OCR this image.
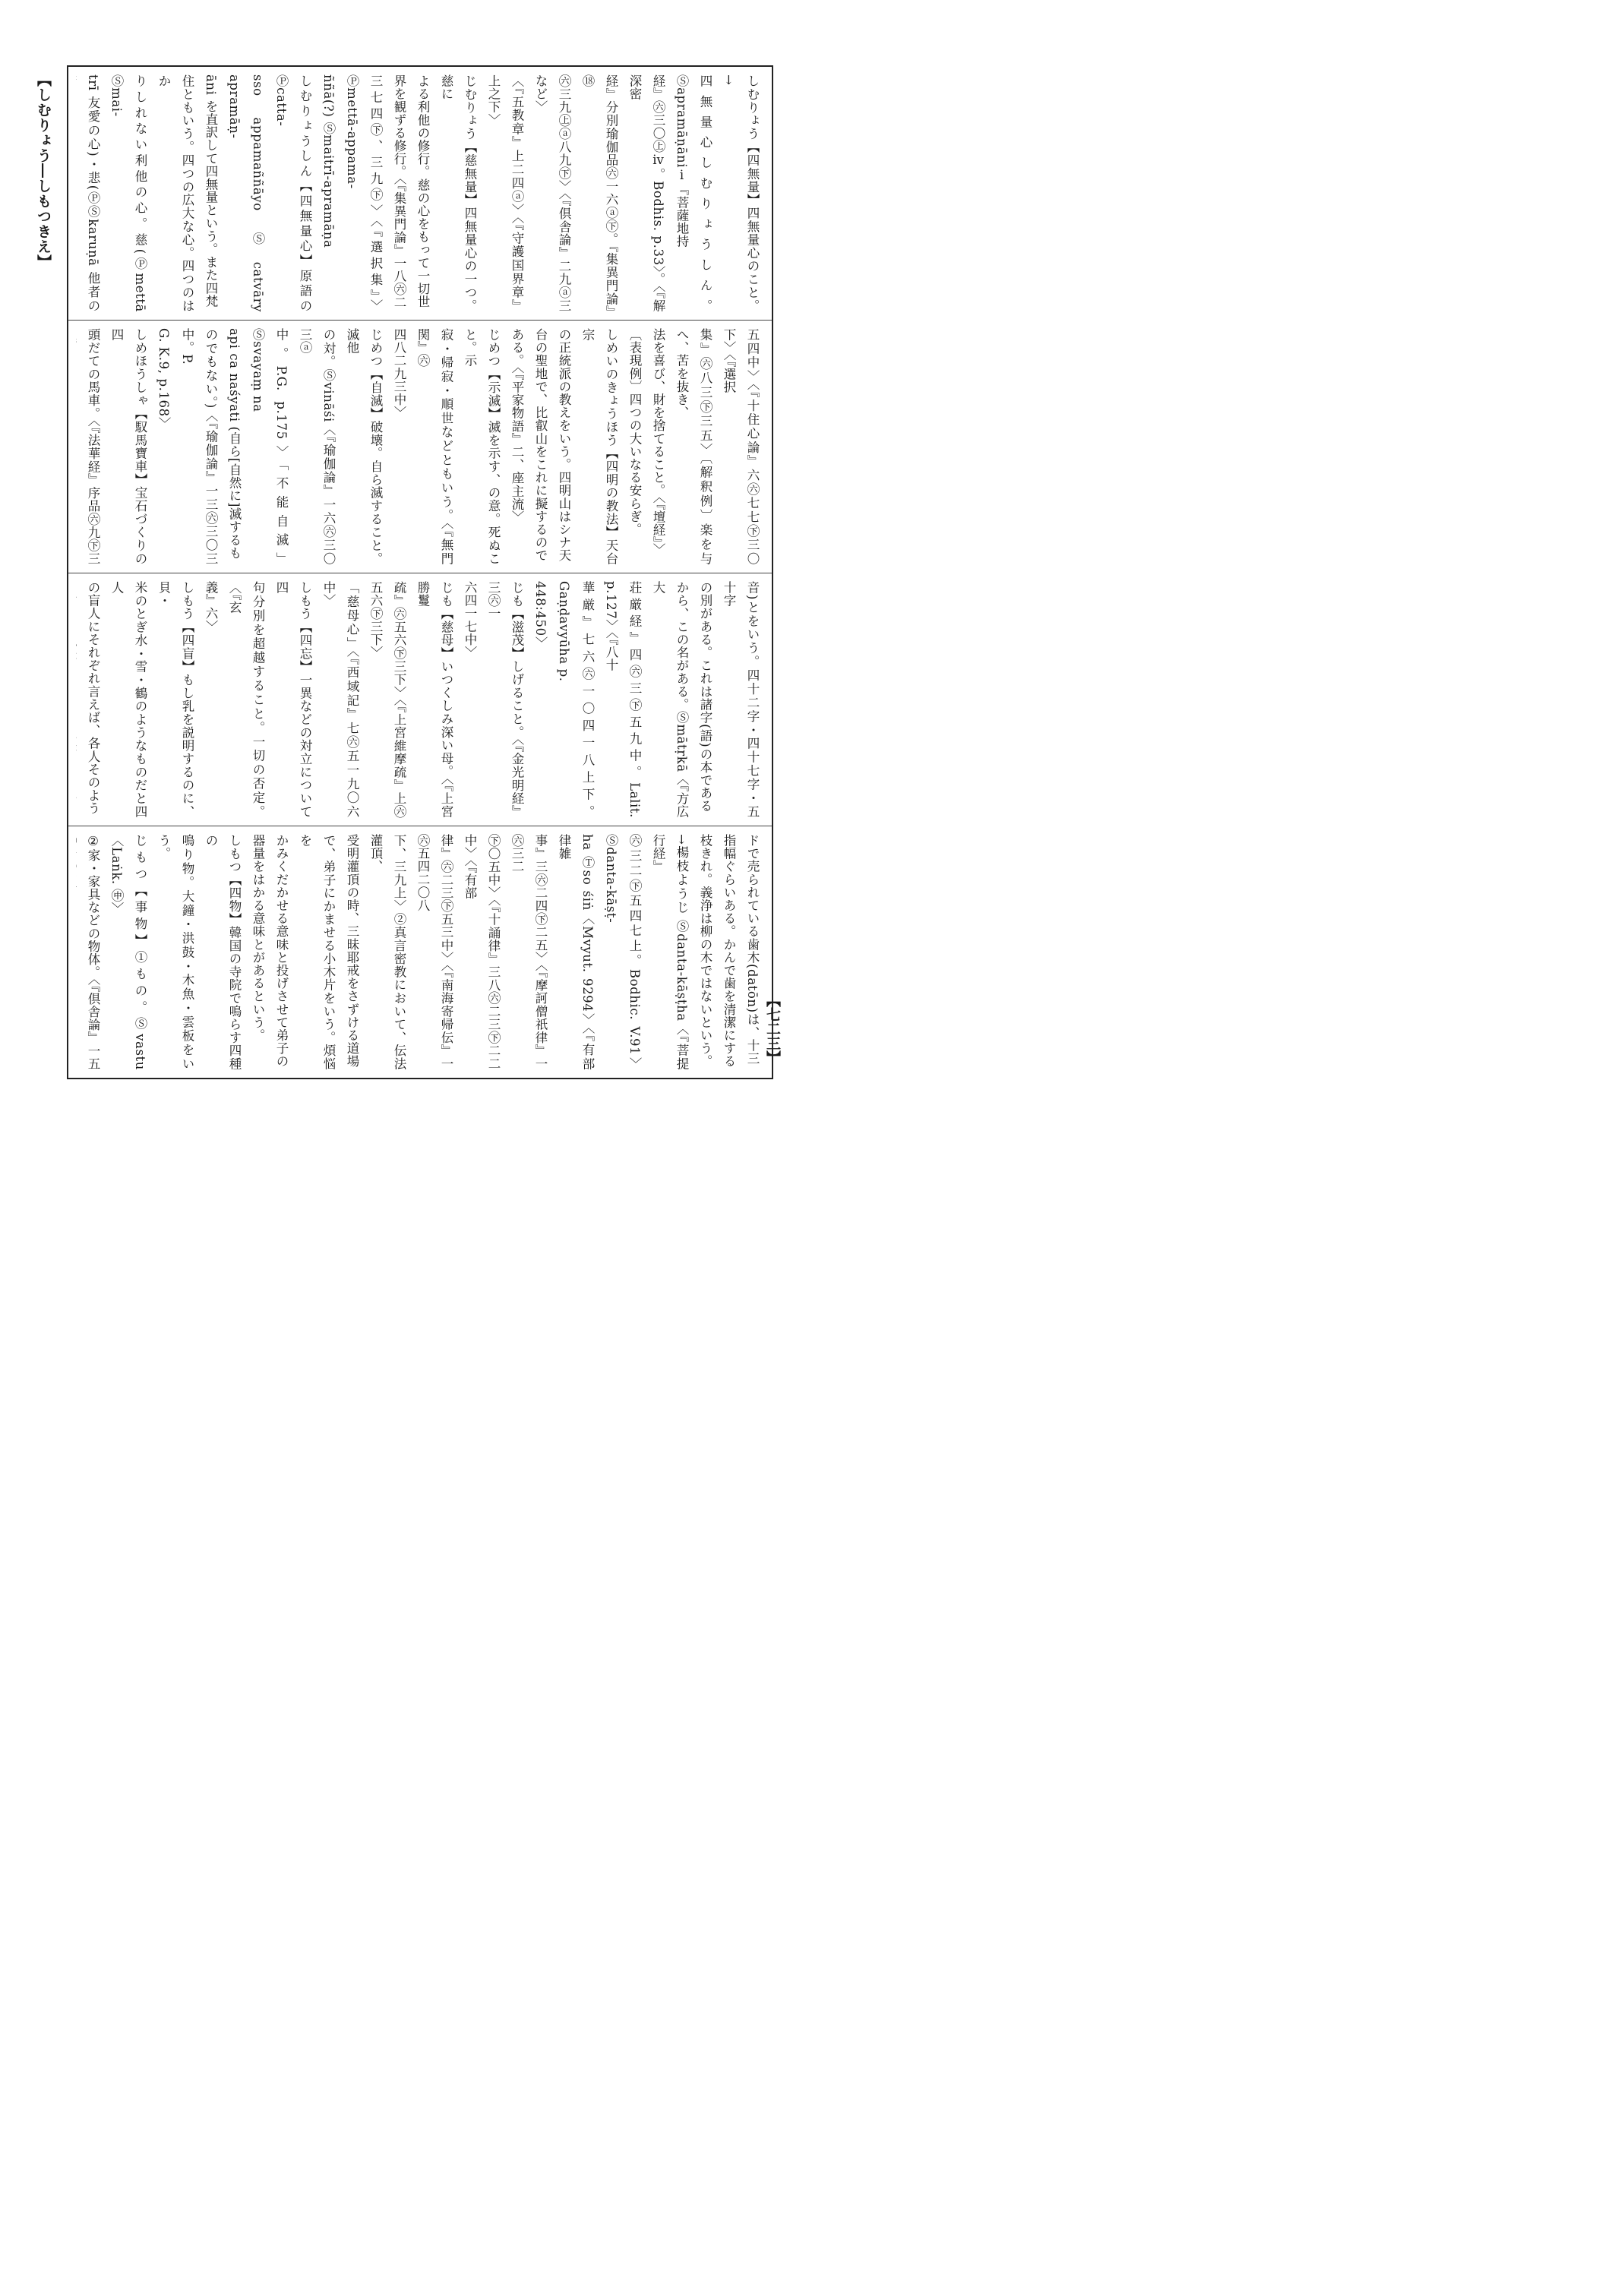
【しむりょう―しもつきえ】	しむりょう【四無量】四無量心のこと。→
四無量心しむりょうしん。Ⓢapramāṇāniⅰ『菩薩地持
経』㊅三〇㊤ⅳ。Bodhis. p.33〉。〈『解深密
経』分別瑜伽品㊅一六ⓐ㊦。『集異門論』⑱
㊅三九㊤ⓐ八九㊦〉〈『倶舎論』二九ⓐ三など〉
〈『五教章』上二四ⓐ〉〈『守護国界章』上之下〉
じむりょう【慈無量】四無量心の一つ。慈に
よる利他の修行。慈の心をもって一切世
界を観ずる修行。〈『集異門論』一八㊅二
三七四㊦、三九㊦〉〈『選択集』〉Ⓟmettā-appama-
ññā(?) Ⓢmaitrī-apramāṇa
しむりょうしん【四無量心】原語のⓅcatta-
sso appamaññāyo Ⓢcatvāry apramāṇ-
āni を直訳して四無量という。また四梵
住ともいう。四つの広大な心。四つのはか
りしれない利他の心。慈(Ⓟmettā Ⓢmai-
trī 友愛の心)・悲(ⓅⓈkaruṇā 他者の

五四中〉〈『十住心論』六㊅七七㊦三〇下〉〈『選択
集』㊅八三㊦三五〉〔解釈例〕楽を与へ、苦を抜き、
法を喜び、財を捨てること。〈『壇経』〉
〔表現例〕四つの大いなる安らぎ。
しめいのきょうほう【四明の教法】天台宗
の正統派の教えをいう。四明山はシナ天
台の聖地で、比叡山をこれに擬するので
ある。〈『平家物語』二、座主流〉
じめつ【示滅】滅を示す、の意。死ぬこと。示
寂・帰寂・順世などともいう。〈『無門関』㊅
四八二九三中〉
じめつ【自滅】破壊。自ら滅すること。滅他
の対。Ⓢvināśi〈『瑜伽論』一六㊅三〇三ⓐ
中。P.G. p.175〉「不能自滅」Ⓢsvayaṃ na
api ca naśyati (自ら[自然に]滅するも
のでもない。)〈『瑜伽論』一三㊅三〇三中。P.
G. K.9, p.168〉
しめほうしゃ【馭馬寶車】宝石づくりの四
頭だての馬車。〈『法華経』序品㊅九㊦三

音)とをいう。四十二字・四十七字・五十字
の別がある。これは諸字(語)の本である
から、この名がある。Ⓢmātṛkā〈『方広大
荘厳経』四㊅三㊦五九中。Lalit. p.127〉〈『八十
華厳』七六㊅一〇四一八上下。Gaṇḍavyūha p.
448:450〉
じも【滋茂】しげること。〈『金光明経』三㊅一
六四一七中〉
じも【慈母】いつくしみ深い母。〈『上宮勝鬘
疏』㊅五六㊦三下〉〈『上宮維摩疏』上㊅五六㊦三下〉
「慈母心」〈『西域記』七㊅五一九〇六中〉
しもう【四忘】一異などの対立について四
句分別を超越すること。一切の否定。〈『玄
義』六〉
しもう【四盲】もし乳を説明するのに、貝・
米のとぎ水・雪・鶴のようなものだと四人
の盲人にそれぞれ言えば、各人そのよう

ドで売られている歯木(datōn)は、十三
指幅ぐらいある。かんで歯を清潔にする
枝きれ。義浄は柳の木ではないという。
→楊枝ようじ Ⓢdanta-kāṣṭha〈『菩提行経』
㊅三二㊦五四七上。Bodhic. V.91〉Ⓢdanta-kāṣṭ-
ha Ⓣso śiṅ〈Mvyut. 9294〉〈『有部律雑
事』三㊅二四㊦二五〉〈『摩訶僧祇律』一㊅三二
㊦〇五中〉〈『十誦律』三八㊅二三㊦二二中〉〈『有部
律』㊅二三㊦五三中〉〈『南海寄帰伝』一㊅五四二〇八
下、三九上〉②真言密教において、伝法灌頂、
受明灌頂の時、三昧耶戒をさずける道場
で、弟子にかませる小木片をいう。煩悩を
かみくだかせる意味と投げさせて弟子の
器量をはかる意味とがあるという。
しもつ【四物】韓国の寺院で鳴らす四種の
鳴り物。大鐘・洪鼓・木魚・雲板をいう。
じもつ【事物】①もの。Ⓢvastu〈Laṅk. ㊥〉
②家・家具などの物体。〈『倶舎論』一五
	【七二三】
